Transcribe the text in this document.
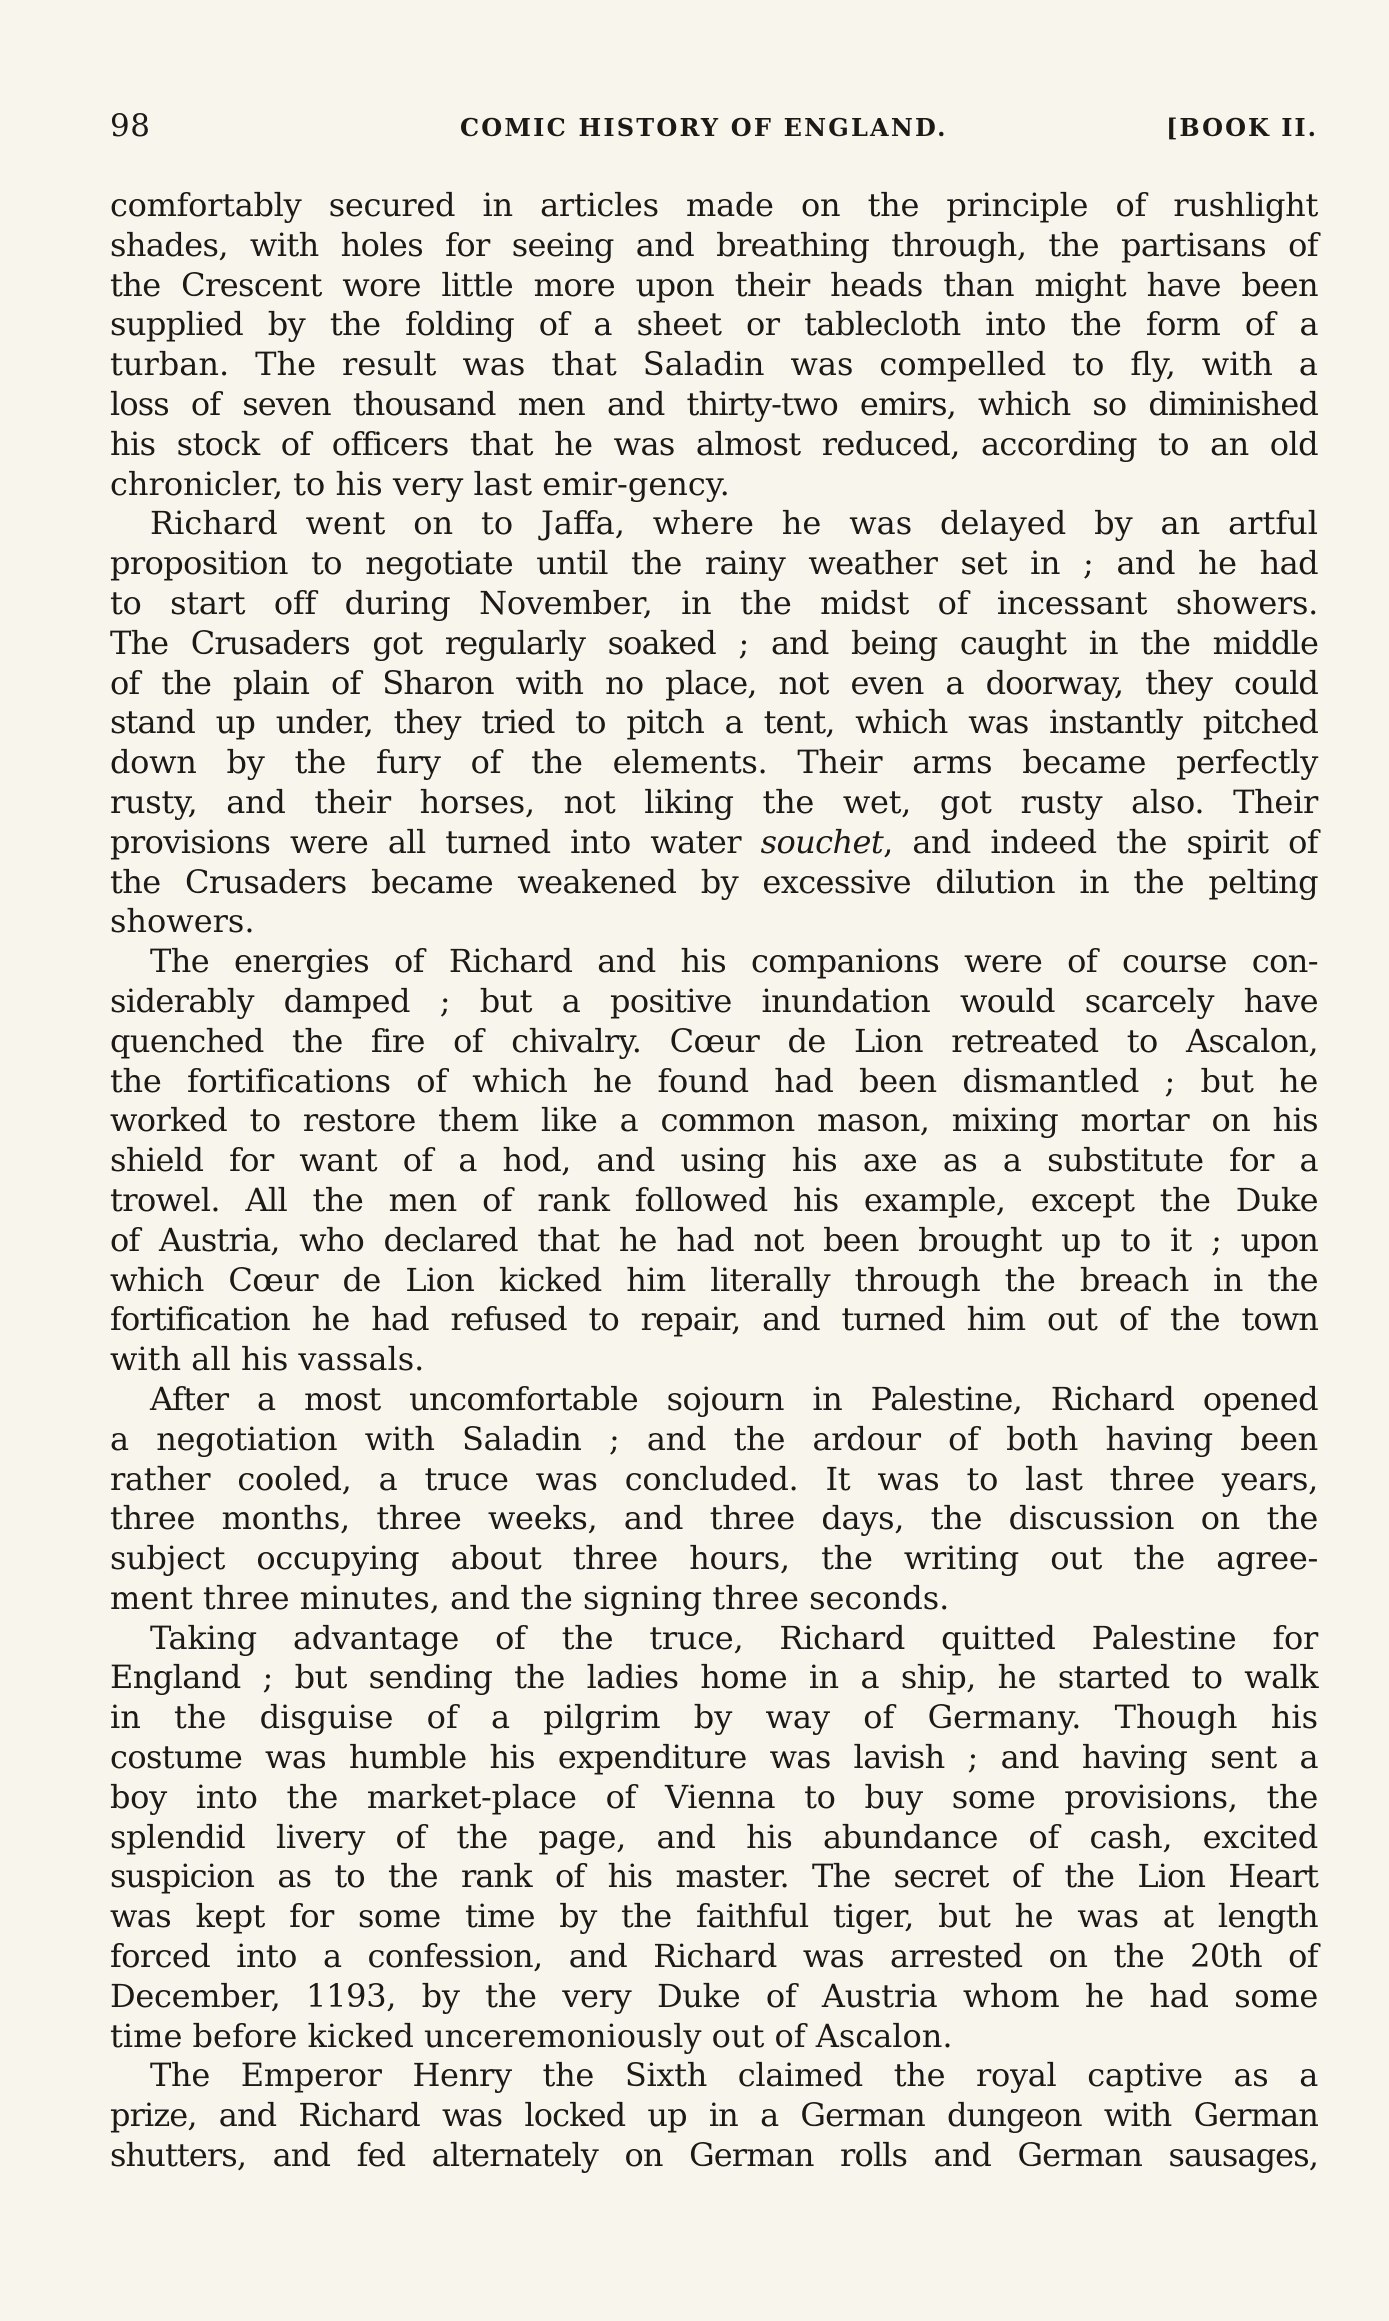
98	COMIC HISTORY OF ENGLAND.	[BOOK II.
comfortably secured in articles made on the principle of rushlight
shades, with holes for seeing and breathing through, the partisans of
the Crescent wore little more upon their heads than might have been
supplied by the folding of a sheet or tablecloth into the form of a
turban. The result was that Saladin was compelled to fly, with a
loss of seven thousand men and thirty-two emirs, which so diminished
his stock of officers that he was almost reduced, according to an old
chronicler, to his very last emir-gency.
Richard went on to Jaffa, where he was delayed by an artful
proposition to negotiate until the rainy weather set in ; and he had
to start off during November, in the midst of incessant showers.
The Crusaders got regularly soaked ; and being caught in the middle
of the plain of Sharon with no place, not even a doorway, they could
stand up under, they tried to pitch a tent, which was instantly pitched
down by the fury of the elements. Their arms became perfectly
rusty, and their horses, not liking the wet, got rusty also. Their
provisions were all turned into water souchet, and indeed the spirit of
the Crusaders became weakened by excessive dilution in the pelting
showers.
The energies of Richard and his companions were of course con-
siderably damped ; but a positive inundation would scarcely have
quenched the fire of chivalry. Cœur de Lion retreated to Ascalon,
the fortifications of which he found had been dismantled ; but he
worked to restore them like a common mason, mixing mortar on his
shield for want of a hod, and using his axe as a substitute for a
trowel. All the men of rank followed his example, except the Duke
of Austria, who declared that he had not been brought up to it ; upon
which Cœur de Lion kicked him literally through the breach in the
fortification he had refused to repair, and turned him out of the town
with all his vassals.
After a most uncomfortable sojourn in Palestine, Richard opened
a negotiation with Saladin ; and the ardour of both having been
rather cooled, a truce was concluded. It was to last three years,
three months, three weeks, and three days, the discussion on the
subject occupying about three hours, the writing out the agree-
ment three minutes, and the signing three seconds.
Taking advantage of the truce, Richard quitted Palestine for
England ; but sending the ladies home in a ship, he started to walk
in the disguise of a pilgrim by way of Germany. Though his
costume was humble his expenditure was lavish ; and having sent a
boy into the market-place of Vienna to buy some provisions, the
splendid livery of the page, and his abundance of cash, excited
suspicion as to the rank of his master. The secret of the Lion Heart
was kept for some time by the faithful tiger, but he was at length
forced into a confession, and Richard was arrested on the 20th of
December, 1193, by the very Duke of Austria whom he had some
time before kicked unceremoniously out of Ascalon.
The Emperor Henry the Sixth claimed the royal captive as a
prize, and Richard was locked up in a German dungeon with German
shutters, and fed alternately on German rolls and German sausages,
